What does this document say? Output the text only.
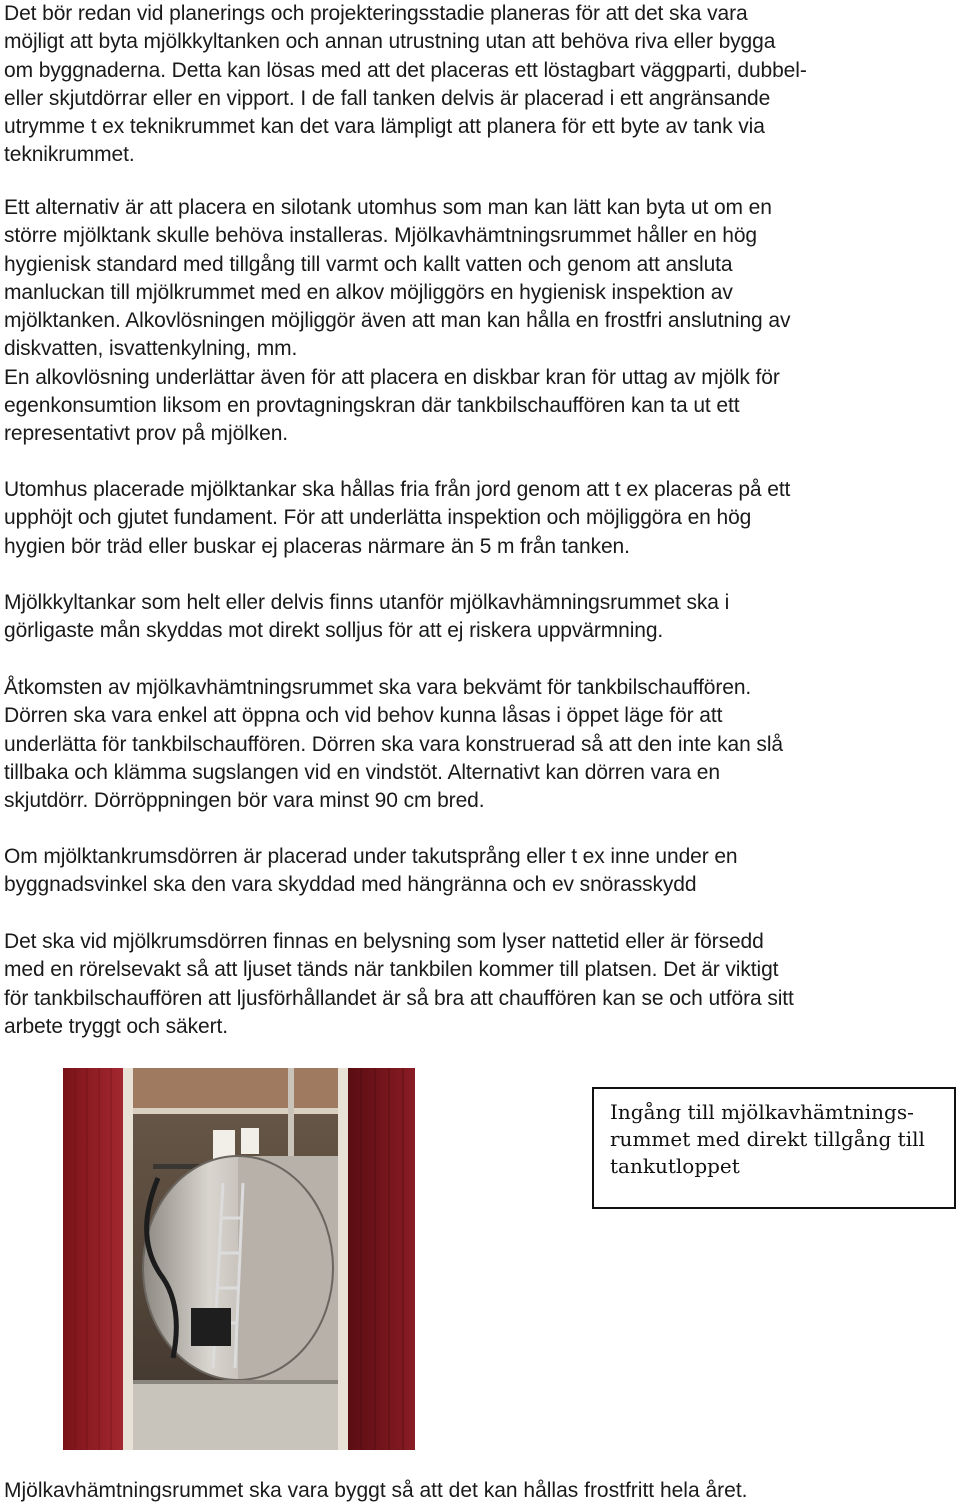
Det bör redan vid planerings och projekteringsstadie planeras för att det ska vara
möjligt att byta mjölkkyltanken och annan utrustning utan att behöva riva eller bygga
om byggnaderna. Detta kan lösas med att det placeras ett löstagbart väggparti, dubbel-
eller skjutdörrar eller en vipport. I de fall tanken delvis är placerad i ett angränsande
utrymme t ex teknikrummet kan det vara lämpligt att planera för ett byte av tank via
teknikrummet.

Ett alternativ är att placera en silotank utomhus som man kan lätt kan byta ut om en
större mjölktank skulle behöva installeras. Mjölkavhämtningsrummet håller en hög
hygienisk standard med tillgång till varmt och kallt vatten och genom att ansluta
manluckan till mjölkrummet med en alkov möjliggörs en hygienisk inspektion av
mjölktanken. Alkovlösningen möjliggör även att man kan hålla en frostfri anslutning av
diskvatten, isvattenkylning, mm.
En alkovlösning underlättar även för att placera en diskbar kran för uttag av mjölk för
egenkonsumtion liksom en provtagningskran där tankbilschauffören kan ta ut ett
representativt prov på mjölken.

Utomhus placerade mjölktankar ska hållas fria från jord genom att t ex placeras på ett
upphöjt och gjutet fundament. För att underlätta inspektion och möjliggöra en hög
hygien bör träd eller buskar ej placeras närmare än 5 m från tanken.

Mjölkkyltankar som helt eller delvis finns utanför mjölkavhämningsrummet ska i
görligaste mån skyddas mot direkt solljus för att ej riskera uppvärmning.

Åtkomsten av mjölkavhämtningsrummet ska vara bekvämt för tankbilschauffören.
Dörren ska vara enkel att öppna och vid behov kunna låsas i öppet läge för att
underlätta för tankbilschauffören. Dörren ska vara konstruerad så att den inte kan slå
tillbaka och klämma sugslangen vid en vindstöt. Alternativt kan dörren vara en
skjutdörr. Dörröppningen bör vara minst 90 cm bred.

Om mjölktankrumsdörren är placerad under takutsprång eller t ex inne under en
byggnadsvinkel ska den vara skyddad med hängränna och ev snörasskydd

Det ska vid mjölkrumsdörren finnas en belysning som lyser nattetid eller är försedd
med en rörelsevakt så att ljuset tänds när tankbilen kommer till platsen. Det är viktigt
för tankbilschauffören att ljusförhållandet är så bra att chauffören kan se och utföra sitt
arbete tryggt och säkert.

Ingång till mjölkavhämtnings-
rummet med direkt tillgång till
tankutloppet

Mjölkavhämtningsrummet ska vara byggt så att det kan hållas frostfritt hela året.
